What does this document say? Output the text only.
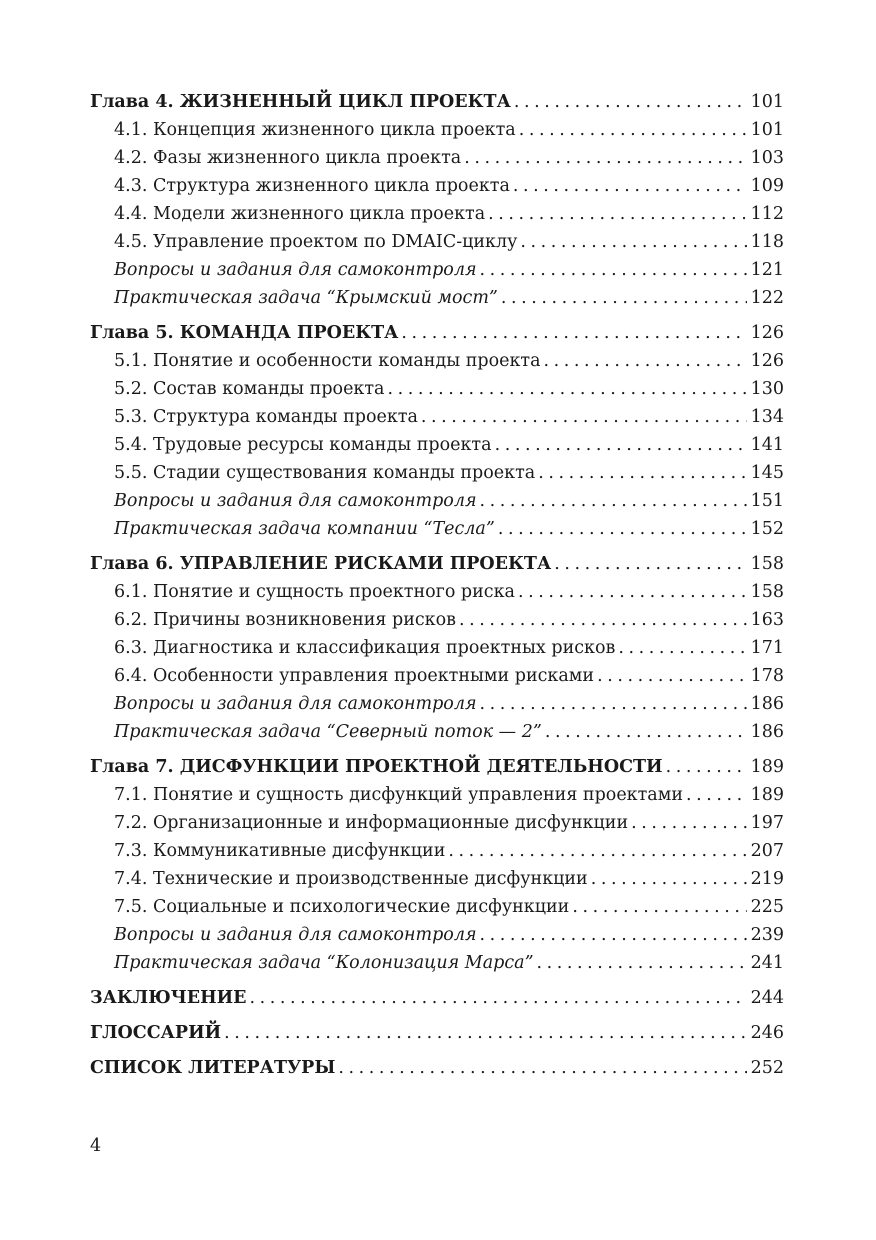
Глава 4. ЖИЗНЕННЫЙ ЦИКЛ ПРОЕКТА . . .	101
4.1. Концепция жизненного цикла проекта . . .	101
4.2. Фазы жизненного цикла проекта . . .	103
4.3. Структура жизненного цикла проекта . . .	109
4.4. Модели жизненного цикла проекта . . .	112
4.5. Управление проектом по DMAIC-циклу . . .	118
Вопросы и задания для самоконтроля . . .	121
Практическая задача “Крымский мост” . . .	122
Глава 5. КОМАНДА ПРОЕКТА . . .	126
5.1. Понятие и особенности команды проекта . . .	126
5.2. Состав команды проекта . . .	130
5.3. Структура команды проекта . . .	134
5.4. Трудовые ресурсы команды проекта . . .	141
5.5. Стадии существования команды проекта . . .	145
Вопросы и задания для самоконтроля . . .	151
Практическая задача компании “Тесла” . . .	152
Глава 6. УПРАВЛЕНИЕ РИСКАМИ ПРОЕКТА . . .	158
6.1. Понятие и сущность проектного риска . . .	158
6.2. Причины возникновения рисков . . .	163
6.3. Диагностика и классификация проектных рисков . . .	171
6.4. Особенности управления проектными рисками . . .	178
Вопросы и задания для самоконтроля . . .	186
Практическая задача “Северный поток — 2” . . .	186
Глава 7. ДИСФУНКЦИИ ПРОЕКТНОЙ ДЕЯТЕЛЬНОСТИ . . .	189
7.1. Понятие и сущность дисфункций управления проектами . . .	189
7.2. Организационные и информационные дисфункции . . .	197
7.3. Коммуникативные дисфункции . . .	207
7.4. Технические и производственные дисфункции . . .	219
7.5. Социальные и психологические дисфункции . . .	225
Вопросы и задания для самоконтроля . . .	239
Практическая задача “Колонизация Марса” . . .	241
ЗАКЛЮЧЕНИЕ . . .	244
ГЛОССАРИЙ . . .	246
СПИСОК ЛИТЕРАТУРЫ . . .	252
4
